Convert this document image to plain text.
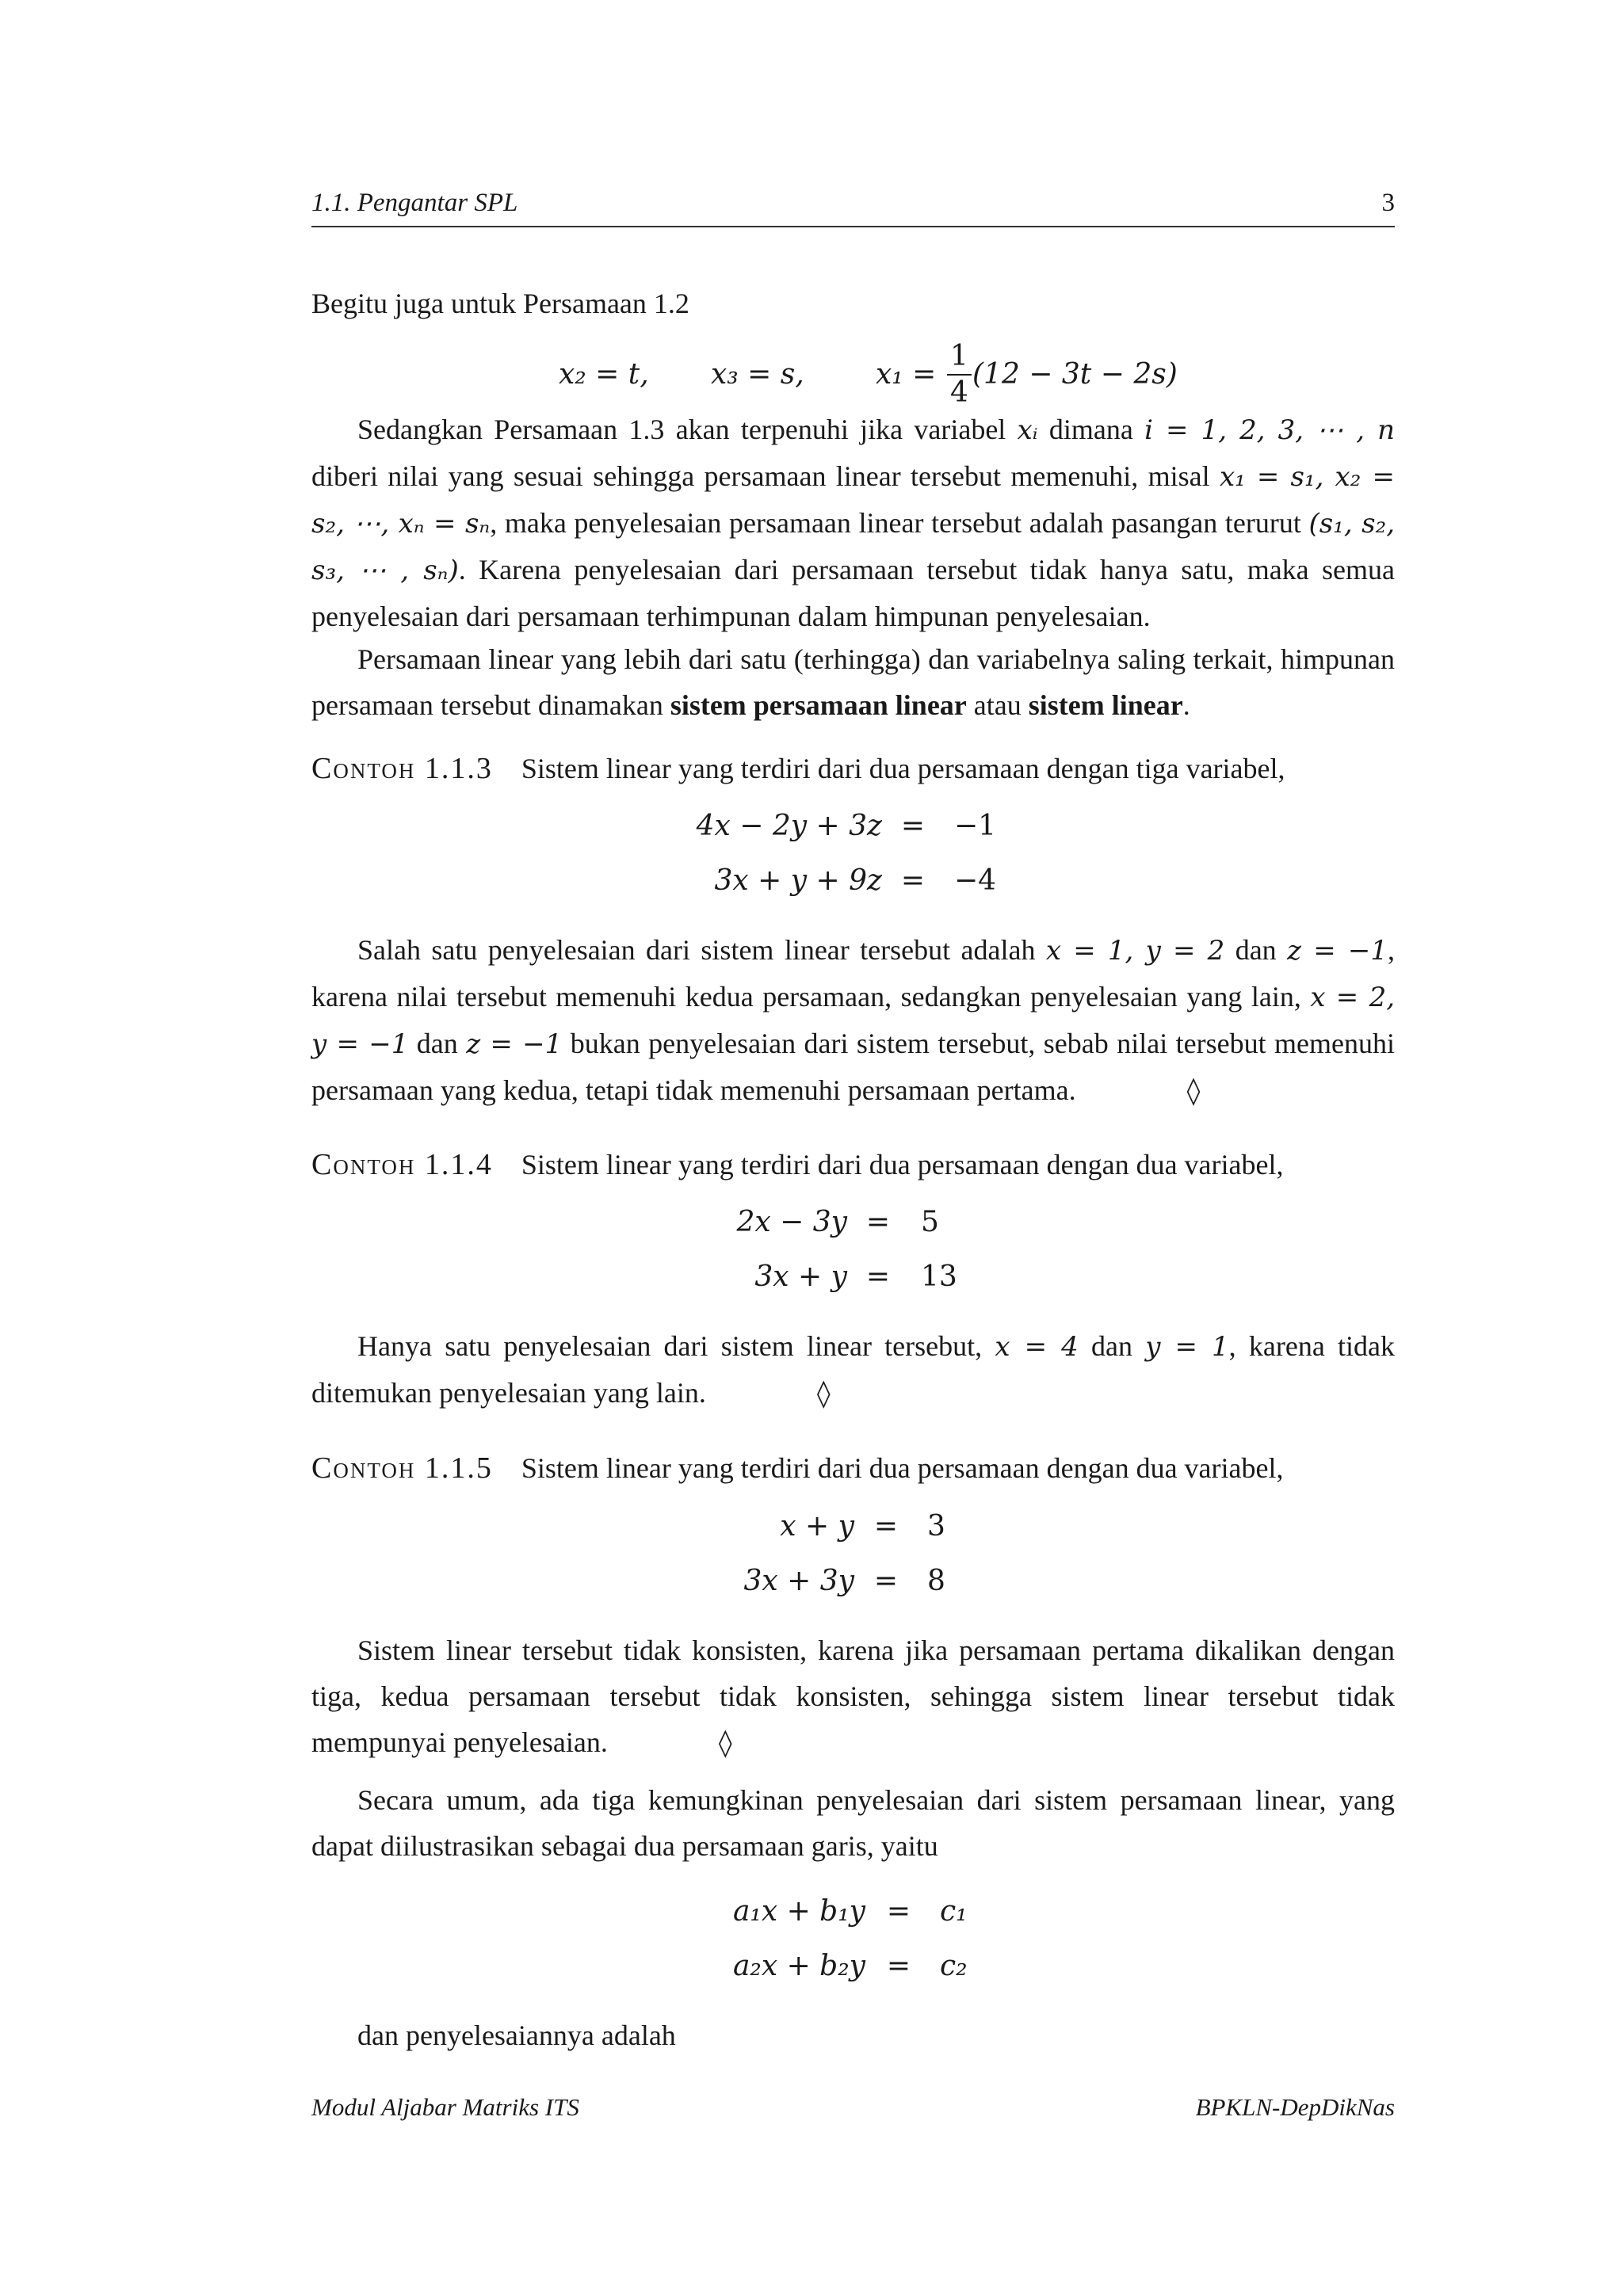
1.1. Pengantar SPL	3

Begitu juga untuk Persamaan 1.2

x₂ = t, x₃ = s,	$x_1 = \frac{1}{4} (12 - 3t - 2s)$

Sedangkan Persamaan 1.3 akan terpenuhi jika variabel xᵢ dimana i = 1, 2, 3, ⋯ , n diberi nilai yang sesuai sehingga persamaan linear tersebut memenuhi, misal x₁ = s₁, x₂ = s₂, ⋯, xₙ = sₙ, maka penyelesaian persamaan linear tersebut adalah pasangan terurut (s₁, s₂, s₃, ⋯ , sₙ). Karena penyelesaian dari persamaan tersebut tidak hanya satu, maka semua penyelesaian dari persamaan terhimpunan dalam himpunan penyelesaian.

Persamaan linear yang lebih dari satu (terhingga) dan variabelnya saling terkait, himpunan persamaan tersebut dinamakan sistem persamaan linear atau sistem linear.

Contoh 1.1.3 Sistem linear yang terdiri dari dua persamaan dengan tiga variabel,

4x − 2y + 3z = −1
3x + y + 9z = −4

Salah satu penyelesaian dari sistem linear tersebut adalah x = 1, y = 2 dan z = −1, karena nilai tersebut memenuhi kedua persamaan, sedangkan penyelesaian yang lain, x = 2, y = −1 dan z = −1 bukan penyelesaian dari sistem tersebut, sebab nilai tersebut memenuhi persamaan yang kedua, tetapi tidak memenuhi persamaan pertama.	◊

Contoh 1.1.4 Sistem linear yang terdiri dari dua persamaan dengan dua variabel,

2x − 3y = 5
3x + y = 13

Hanya satu penyelesaian dari sistem linear tersebut, x = 4 dan y = 1, karena tidak ditemukan penyelesaian yang lain.	◊

Contoh 1.1.5 Sistem linear yang terdiri dari dua persamaan dengan dua variabel,

x + y = 3
3x + 3y = 8

Sistem linear tersebut tidak konsisten, karena jika persamaan pertama dikalikan dengan tiga, kedua persamaan tersebut tidak konsisten, sehingga sistem linear tersebut tidak mempunyai penyelesaian.	◊

Secara umum, ada tiga kemungkinan penyelesaian dari sistem persamaan linear, yang dapat diilustrasikan sebagai dua persamaan garis, yaitu

a₁x + b₁y = c₁
a₂x + b₂y = c₂

dan penyelesaiannya adalah

Modul Aljabar Matriks ITS	BPKLN-DepDikNas
